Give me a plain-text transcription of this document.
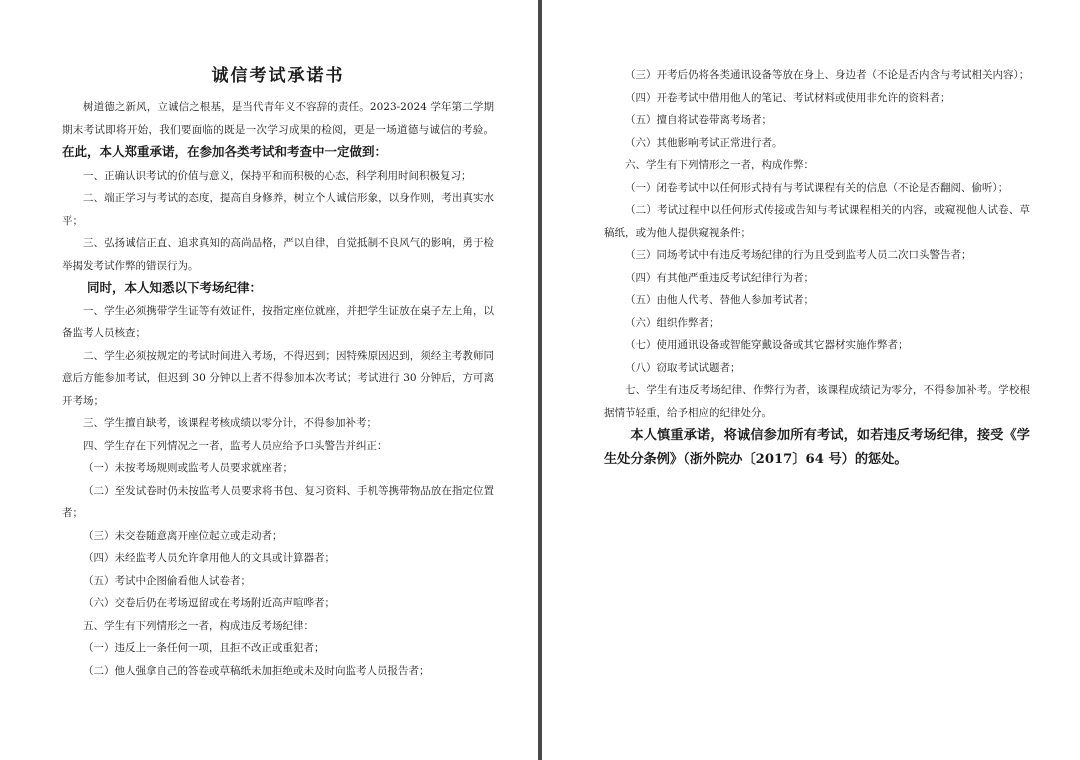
诚信考试承诺书

树道德之新风，立诚信之根基，是当代青年义不容辞的责任。2023-2024 学年第二学期期末考试即将开始，我们要面临的既是一次学习成果的检阅，更是一场道德与诚信的考验。在此，本人郑重承诺，在参加各类考试和考查中一定做到：

一、正确认识考试的价值与意义，保持平和而积极的心态，科学利用时间积极复习；

二、端正学习与考试的态度，提高自身修养，树立个人诚信形象，以身作则，考出真实水平；

三、弘扬诚信正直、追求真知的高尚品格，严以自律，自觉抵制不良风气的影响，勇于检举揭发考试作弊的错误行为。

同时，本人知悉以下考场纪律：

一、学生必须携带学生证等有效证件，按指定座位就座，并把学生证放在桌子左上角，以备监考人员核查；

二、学生必须按规定的考试时间进入考场，不得迟到；因特殊原因迟到，须经主考教师同意后方能参加考试，但迟到 30 分钟以上者不得参加本次考试；考试进行 30 分钟后，方可离开考场；

三、学生擅自缺考，该课程考核成绩以零分计，不得参加补考；

四、学生存在下列情况之一者，监考人员应给予口头警告并纠正：

（一）未按考场规则或监考人员要求就座者；

（二）至发试卷时仍未按监考人员要求将书包、复习资料、手机等携带物品放在指定位置者；

（三）未交卷随意离开座位起立或走动者；

（四）未经监考人员允许拿用他人的文具或计算器者；

（五）考试中企图偷看他人试卷者；

（六）交卷后仍在考场逗留或在考场附近高声喧哗者；

五、学生有下列情形之一者，构成违反考场纪律：

（一）违反上一条任何一项，且拒不改正或重犯者；

（二）他人强拿自己的答卷或草稿纸未加拒绝或未及时向监考人员报告者；

（三）开考后仍将各类通讯设备等放在身上、身边者（不论是否内含与考试相关内容）；

（四）开卷考试中借用他人的笔记、考试材料或使用非允许的资料者；

（五）擅自将试卷带离考场者；

（六）其他影响考试正常进行者。

六、学生有下列情形之一者，构成作弊：

（一）闭卷考试中以任何形式持有与考试课程有关的信息（不论是否翻阅、偷听）；

（二）考试过程中以任何形式传接或告知与考试课程相关的内容，或窥视他人试卷、草稿纸，或为他人提供窥视条件；

（三）同场考试中有违反考场纪律的行为且受到监考人员二次口头警告者；

（四）有其他严重违反考试纪律行为者；

（五）由他人代考、替他人参加考试者；

（六）组织作弊者；

（七）使用通讯设备或智能穿戴设备或其它器材实施作弊者；

（八）窃取考试试题者；

七、学生有违反考场纪律、作弊行为者，该课程成绩记为零分，不得参加补考。学校根据情节轻重，给予相应的纪律处分。

本人慎重承诺，将诚信参加所有考试，如若违反考场纪律，接受《学生处分条例》（浙外院办〔2017〕64 号）的惩处。
